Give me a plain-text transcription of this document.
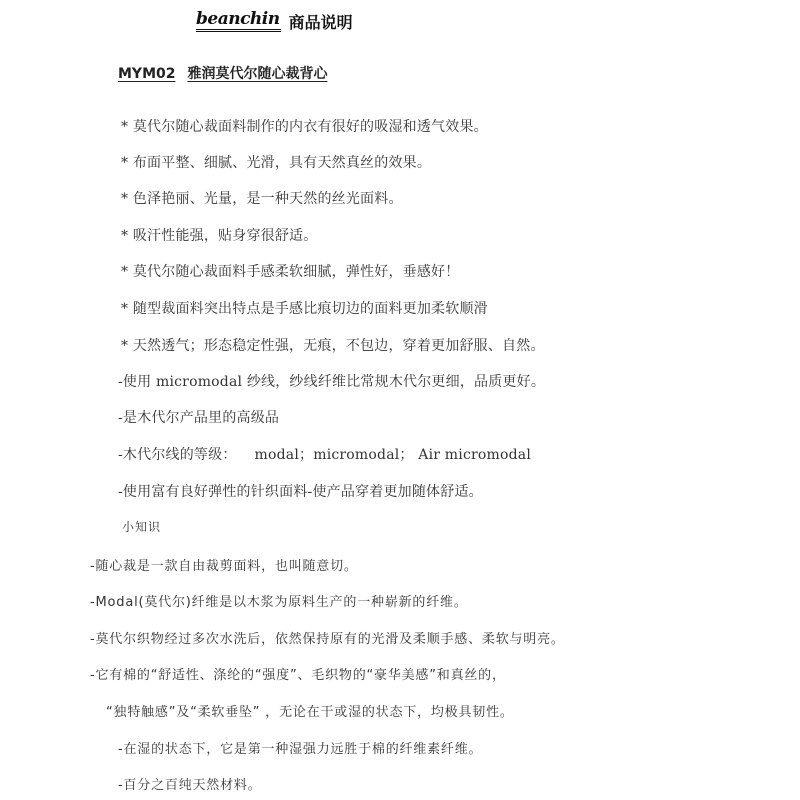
beanchin 商品说明
MYM02 雅润莫代尔随心裁背心
* 莫代尔随心裁面料制作的内衣有很好的吸湿和透气效果。
* 布面平整、细腻、光滑，具有天然真丝的效果。
* 色泽艳丽、光量，是一种天然的丝光面料。
* 吸汗性能强，贴身穿很舒适。
* 莫代尔随心裁面料手感柔软细腻，弹性好，垂感好！
* 随型裁面料突出特点是手感比痕切边的面料更加柔软顺滑
* 天然透气；形态稳定性强，无痕，不包边，穿着更加舒服、自然。
-使用 micromodal 纱线，纱线纤维比常规木代尔更细，品质更好。
-是木代尔产品里的高级品
-木代尔线的等级： modal；micromodal； Air micromodal
-使用富有良好弹性的针织面料-使产品穿着更加随体舒适。
小知识
-随心裁是一款自由裁剪面料，也叫随意切。
-Modal(莫代尔)纤维是以木浆为原料生产的一种崭新的纤维。
-莫代尔织物经过多次水洗后，依然保持原有的光滑及柔顺手感、柔软与明亮。
-它有棉的“舒适性、涤纶的“强度”、毛织物的“豪华美感”和真丝的，
“独特触感”及“柔软垂坠” ，无论在干或湿的状态下，均极具韧性。
-在湿的状态下，它是第一种湿强力远胜于棉的纤维素纤维。
-百分之百纯天然材料。
